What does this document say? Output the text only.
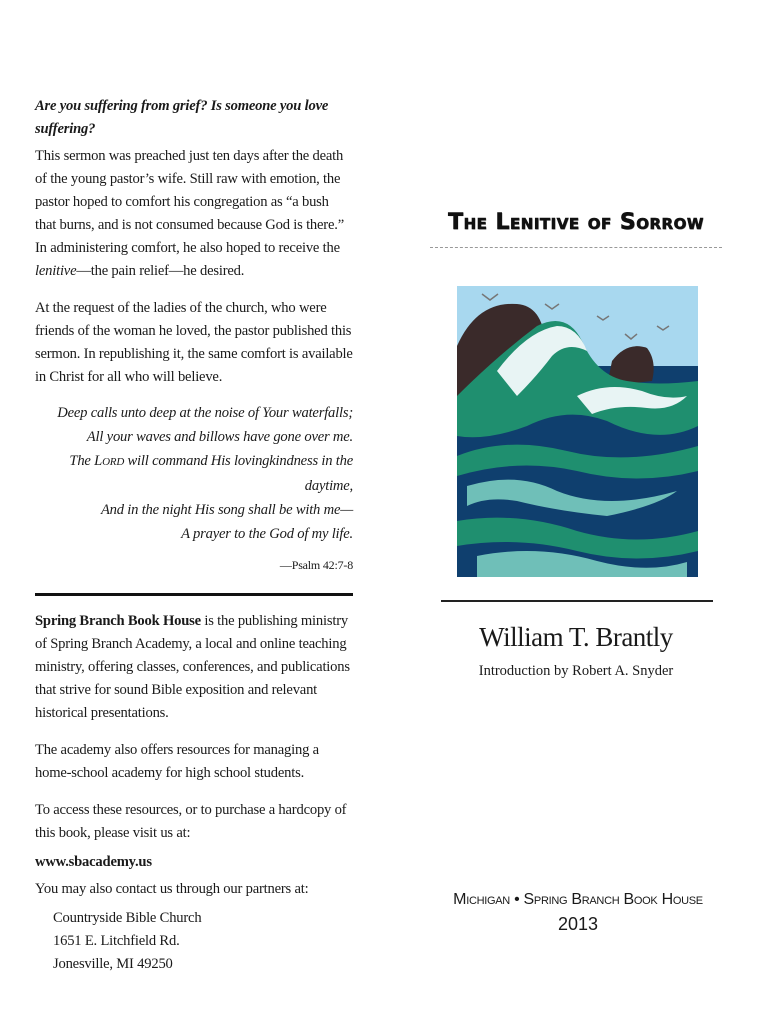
Are you suffering from grief? Is someone you love suffering?

This sermon was preached just ten days after the death of the young pastor’s wife. Still raw with emotion, the pastor hoped to comfort his congregation as “a bush that burns, and is not consumed because God is there.” In administering comfort, he also hoped to receive the lenitive—the pain relief—he desired.

At the request of the ladies of the church, who were friends of the woman he loved, the pastor published this sermon. In republishing it, the same comfort is available in Christ for all who will believe.

Deep calls unto deep at the noise of Your waterfalls;
All your waves and billows have gone over me.
The LORD will command His lovingkindness in the daytime,
And in the night His song shall be with me—
A prayer to the God of my life.
—Psalm 42:7-8

Spring Branch Book House is the publishing ministry of Spring Branch Academy, a local and online teaching ministry, offering classes, conferences, and publications that strive for sound Bible exposition and relevant historical presentations.

The academy also offers resources for managing a home-school academy for high school students.

To access these resources, or to purchase a hardcopy of this book, please visit us at:

www.sbacademy.us

You may also contact us through our partners at:

Countryside Bible Church
1651 E. Litchfield Rd.
Jonesville, MI 49250
The Lenitive of Sorrow
William T. Brantly
Introduction by Robert A. Snyder
Michigan • Spring Branch Book House
2013
